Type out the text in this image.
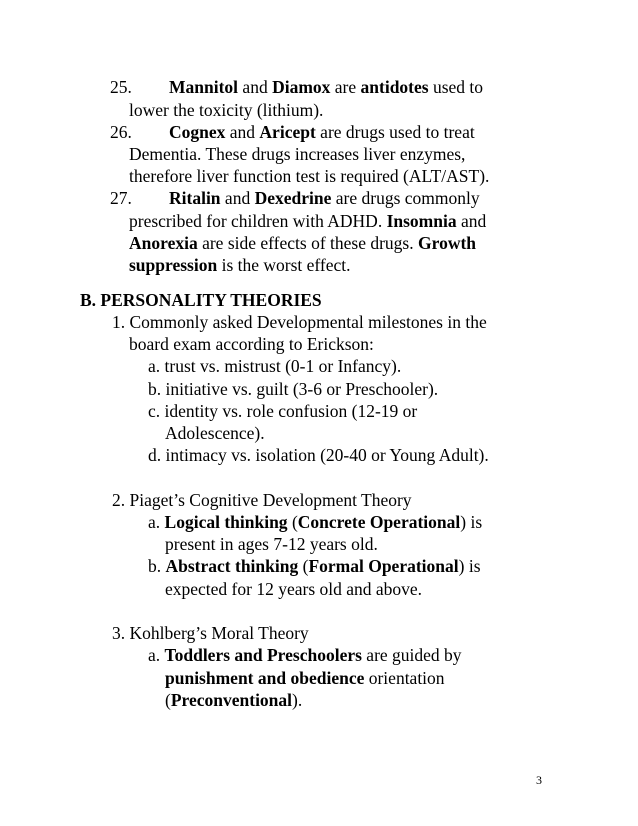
25. Mannitol and Diamox are antidotes used to
lower the toxicity (lithium).
26. Cognex and Aricept are drugs used to treat
Dementia. These drugs increases liver enzymes,
therefore liver function test is required (ALT/AST).
27. Ritalin and Dexedrine are drugs commonly
prescribed for children with ADHD. Insomnia and
Anorexia are side effects of these drugs. Growth
suppression is the worst effect.
B. PERSONALITY THEORIES
1. Commonly asked Developmental milestones in the
board exam according to Erickson:
a. trust vs. mistrust (0-1 or Infancy).
b. initiative vs. guilt (3-6 or Preschooler).
c. identity vs. role confusion (12-19 or
Adolescence).
d. intimacy vs. isolation (20-40 or Young Adult).
2. Piaget’s Cognitive Development Theory
a. Logical thinking (Concrete Operational) is
present in ages 7-12 years old.
b. Abstract thinking (Formal Operational) is
expected for 12 years old and above.
3. Kohlberg’s Moral Theory
a. Toddlers and Preschoolers are guided by
punishment and obedience orientation
(Preconventional).
3
